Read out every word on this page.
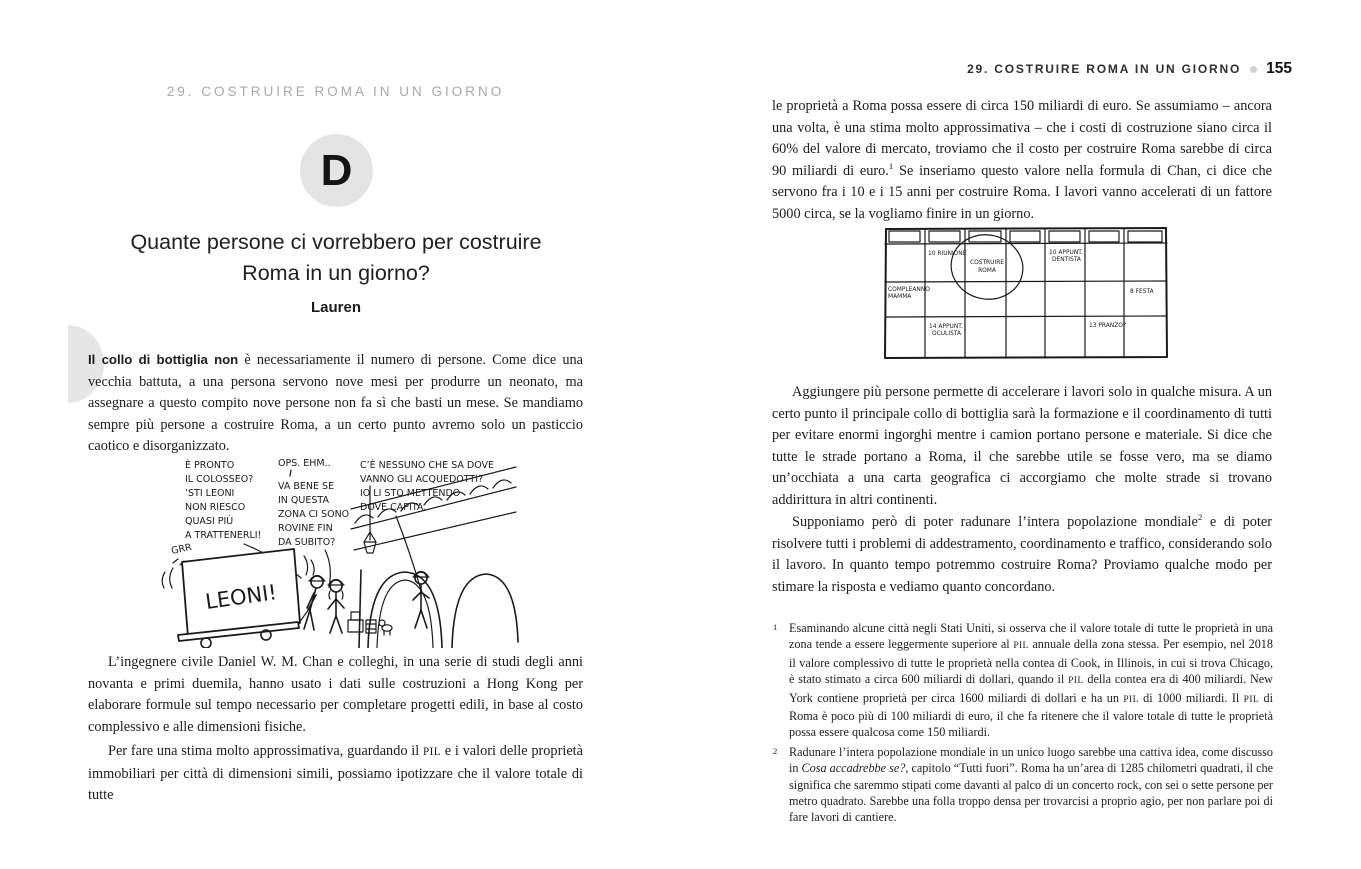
29. COSTRUIRE ROMA IN UN GIORNO
D
Quante persone ci vorrebbero per costruire
Roma in un giorno?
Lauren
Il collo di bottiglia non è necessariamente il numero di persone. Come dice una vecchia battuta, a una persona servono nove mesi per produrre un neonato, ma assegnare a questo compito nove persone non fa sì che basti un mese. Se mandiamo sempre più persone a costruire Roma, a un certo punto avremo solo un pasticcio caotico e disorganizzato.
È PRONTO
IL COLOSSEO?
’STI LEONI
NON RIESCO
QUASI PIÙ
A TRATTENERLI!
OPS. EHM..
VA BENE SE
IN QUESTA
ZONA CI SONO
ROVINE FIN
DA SUBITO?
C’È NESSUNO CHE SA DOVE
VANNO GLI ACQUEDOTTI?
IO LI STO METTENDO
DOVE CAPITA.
GRR
LEONI!
L’ingegnere civile Daniel W. M. Chan e colleghi, in una serie di studi degli anni novanta e primi duemila, hanno usato i dati sulle costruzioni a Hong Kong per elaborare formule sul tempo necessario per completare progetti edili, in base al costo complessivo e alle dimensioni fisiche.
Per fare una stima molto approssimativa, guardando il PIL e i valori delle proprietà immobiliari per città di dimensioni simili, possiamo ipotizzare che il valore totale di tutte
29. COSTRUIRE ROMA IN UN GIORNO 155
le proprietà a Roma possa essere di circa 150 miliardi di euro. Se assumiamo – ancora una volta, è una stima molto approssimativa – che i costi di costruzione siano circa il 60% del valore di mercato, troviamo che il costo per costruire Roma sarebbe di circa 90 miliardi di euro.$^1$ Se inseriamo questo valore nella formula di Chan, ci dice che servono fra i 10 e i 15 anni per costruire Roma. I lavori vanno accelerati di un fattore 5000 circa, se la vogliamo finire in un giorno.
10 RIUNIONE
COSTRUIRE
ROMA
10 APPUNT.
DENTISTA
COMPLEANNO
MAMMA
8 FESTA
14 APPUNT.
OCULISTA
13 PRANZO?
Aggiungere più persone permette di accelerare i lavori solo in qualche misura. A un certo punto il principale collo di bottiglia sarà la formazione e il coordinamento di tutti per evitare enormi ingorghi mentre i camion portano persone e materiale. Si dice che tutte le strade portano a Roma, il che sarebbe utile se fosse vero, ma se diamo un’occhiata a una carta geografica ci accorgiamo che molte strade si trovano addirittura in altri continenti.
Supponiamo però di poter radunare l’intera popolazione mondiale$^2$ e di poter risolvere tutti i problemi di addestramento, coordinamento e traffico, considerando solo il lavoro. In quanto tempo potremmo costruire Roma? Proviamo qualche modo per stimare la risposta e vediamo quanto concordano.
1 Esaminando alcune città negli Stati Uniti, si osserva che il valore totale di tutte le proprietà in una zona tende a essere leggermente superiore al PIL annuale della zona stessa. Per esempio, nel 2018 il valore complessivo di tutte le proprietà nella contea di Cook, in Illinois, in cui si trova Chicago, è stato stimato a circa 600 miliardi di dollari, quando il PIL della contea era di 400 miliardi. New York contiene proprietà per circa 1600 miliardi di dollari e ha un PIL di 1000 miliardi. Il PIL di Roma è poco più di 100 miliardi di euro, il che fa ritenere che il valore totale di tutte le proprietà possa essere qualcosa come 150 miliardi.
2 Radunare l’intera popolazione mondiale in un unico luogo sarebbe una cattiva idea, come discusso in Cosa accadrebbe se?, capitolo “Tutti fuori”. Roma ha un’area di 1285 chilometri quadrati, il che significa che saremmo stipati come davanti al palco di un concerto rock, con sei o sette persone per metro quadrato. Sarebbe una folla troppo densa per trovarcisi a proprio agio, per non parlare poi di fare lavori di cantiere.
